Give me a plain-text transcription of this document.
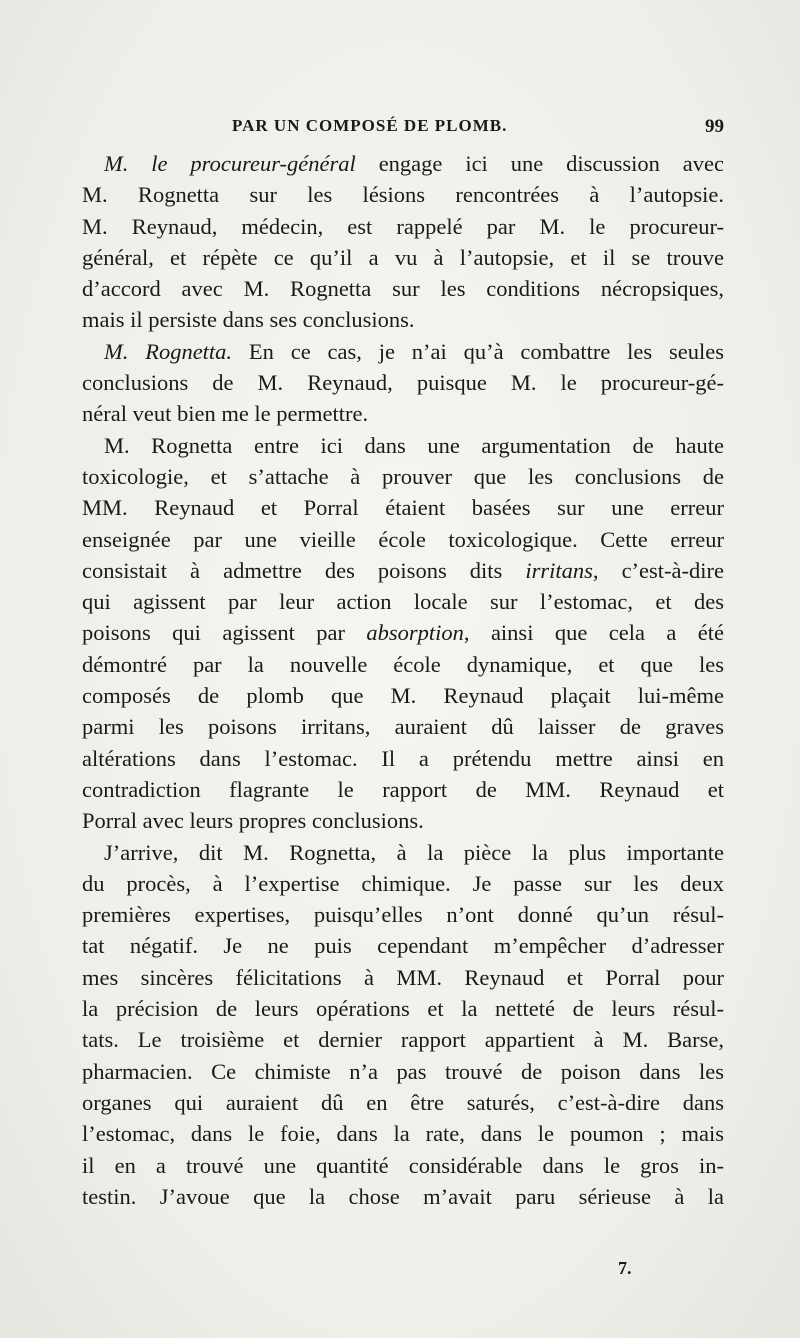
PAR UN COMPOSÉ DE PLOMB.	99
M. le procureur-général engage ici une discussion avec
M. Rognetta sur les lésions rencontrées à l’autopsie.
M. Reynaud, médecin, est rappelé par M. le procureur-
général, et répète ce qu’il a vu à l’autopsie, et il se trouve
d’accord avec M. Rognetta sur les conditions nécropsiques,
mais il persiste dans ses conclusions.
M. Rognetta. En ce cas, je n’ai qu’à combattre les seules
conclusions de M. Reynaud, puisque M. le procureur-gé-
néral veut bien me le permettre.
M. Rognetta entre ici dans une argumentation de haute
toxicologie, et s’attache à prouver que les conclusions de
MM. Reynaud et Porral étaient basées sur une erreur
enseignée par une vieille école toxicologique. Cette erreur
consistait à admettre des poisons dits irritans, c’est-à-dire
qui agissent par leur action locale sur l’estomac, et des
poisons qui agissent par absorption, ainsi que cela a été
démontré par la nouvelle école dynamique, et que les
composés de plomb que M. Reynaud plaçait lui-même
parmi les poisons irritans, auraient dû laisser de graves
altérations dans l’estomac. Il a prétendu mettre ainsi en
contradiction flagrante le rapport de MM. Reynaud et
Porral avec leurs propres conclusions.
J’arrive, dit M. Rognetta, à la pièce la plus importante
du procès, à l’expertise chimique. Je passe sur les deux
premières expertises, puisqu’elles n’ont donné qu’un résul-
tat négatif. Je ne puis cependant m’empêcher d’adresser
mes sincères félicitations à MM. Reynaud et Porral pour
la précision de leurs opérations et la netteté de leurs résul-
tats. Le troisième et dernier rapport appartient à M. Barse,
pharmacien. Ce chimiste n’a pas trouvé de poison dans les
organes qui auraient dû en être saturés, c’est-à-dire dans
l’estomac, dans le foie, dans la rate, dans le poumon ; mais
il en a trouvé une quantité considérable dans le gros in-
testin. J’avoue que la chose m’avait paru sérieuse à la
7.
